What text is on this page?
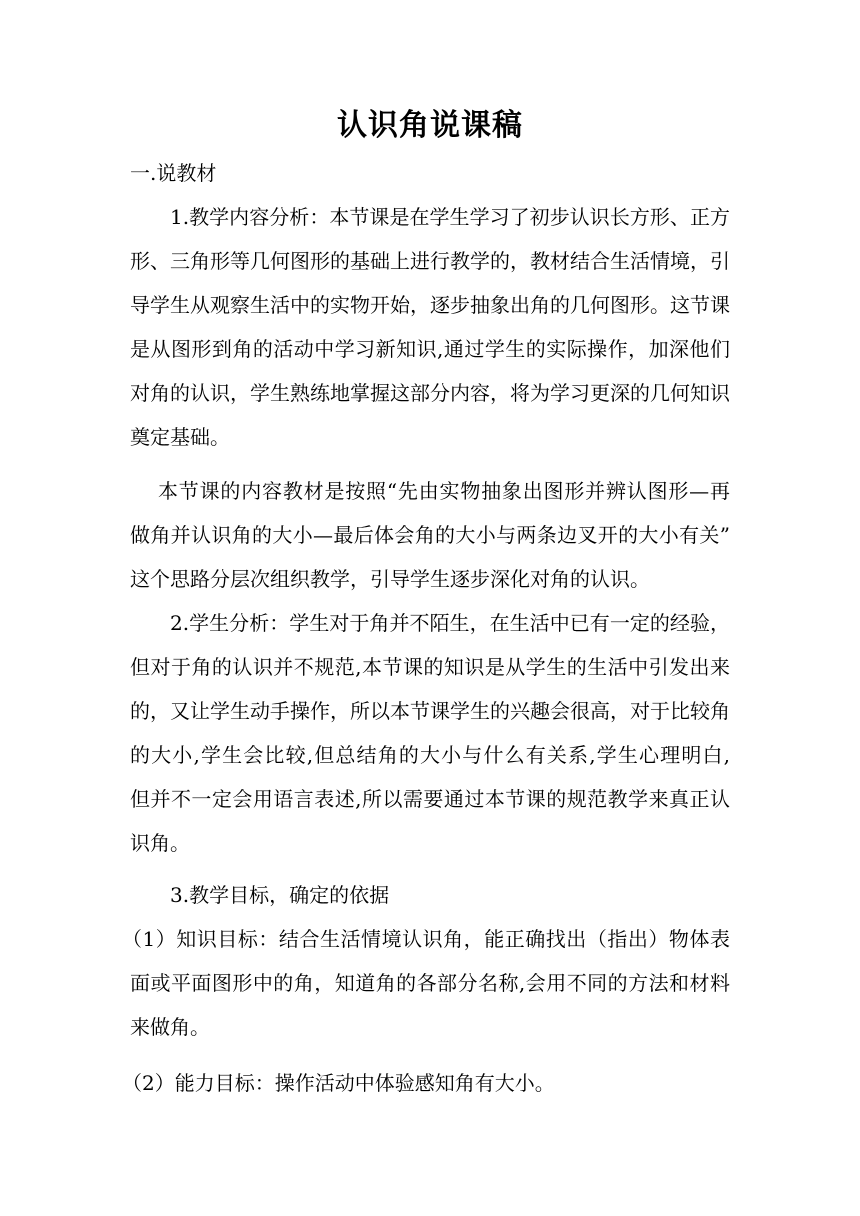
认识角说课稿
一.说教材
1.教学内容分析：本节课是在学生学习了初步认识长方形、正方
形、三角形等几何图形的基础上进行教学的，教材结合生活情境，引
导学生从观察生活中的实物开始，逐步抽象出角的几何图形。这节课
是从图形到角的活动中学习新知识,通过学生的实际操作，加深他们
对角的认识，学生熟练地掌握这部分内容，将为学习更深的几何知识
奠定基础。
本节课的内容教材是按照“先由实物抽象出图形并辨认图形—再
做角并认识角的大小—最后体会角的大小与两条边叉开的大小有关”
这个思路分层次组织教学，引导学生逐步深化对角的认识。
2.学生分析：学生对于角并不陌生，在生活中已有一定的经验，
但对于角的认识并不规范,本节课的知识是从学生的生活中引发出来
的，又让学生动手操作，所以本节课学生的兴趣会很高，对于比较角
的大小,学生会比较,但总结角的大小与什么有关系,学生心理明白,
但并不一定会用语言表述,所以需要通过本节课的规范教学来真正认
识角。
3.教学目标，确定的依据
（1）知识目标：结合生活情境认识角，能正确找出（指出）物体表
面或平面图形中的角，知道角的各部分名称,会用不同的方法和材料
来做角。
（2）能力目标：操作活动中体验感知角有大小。
